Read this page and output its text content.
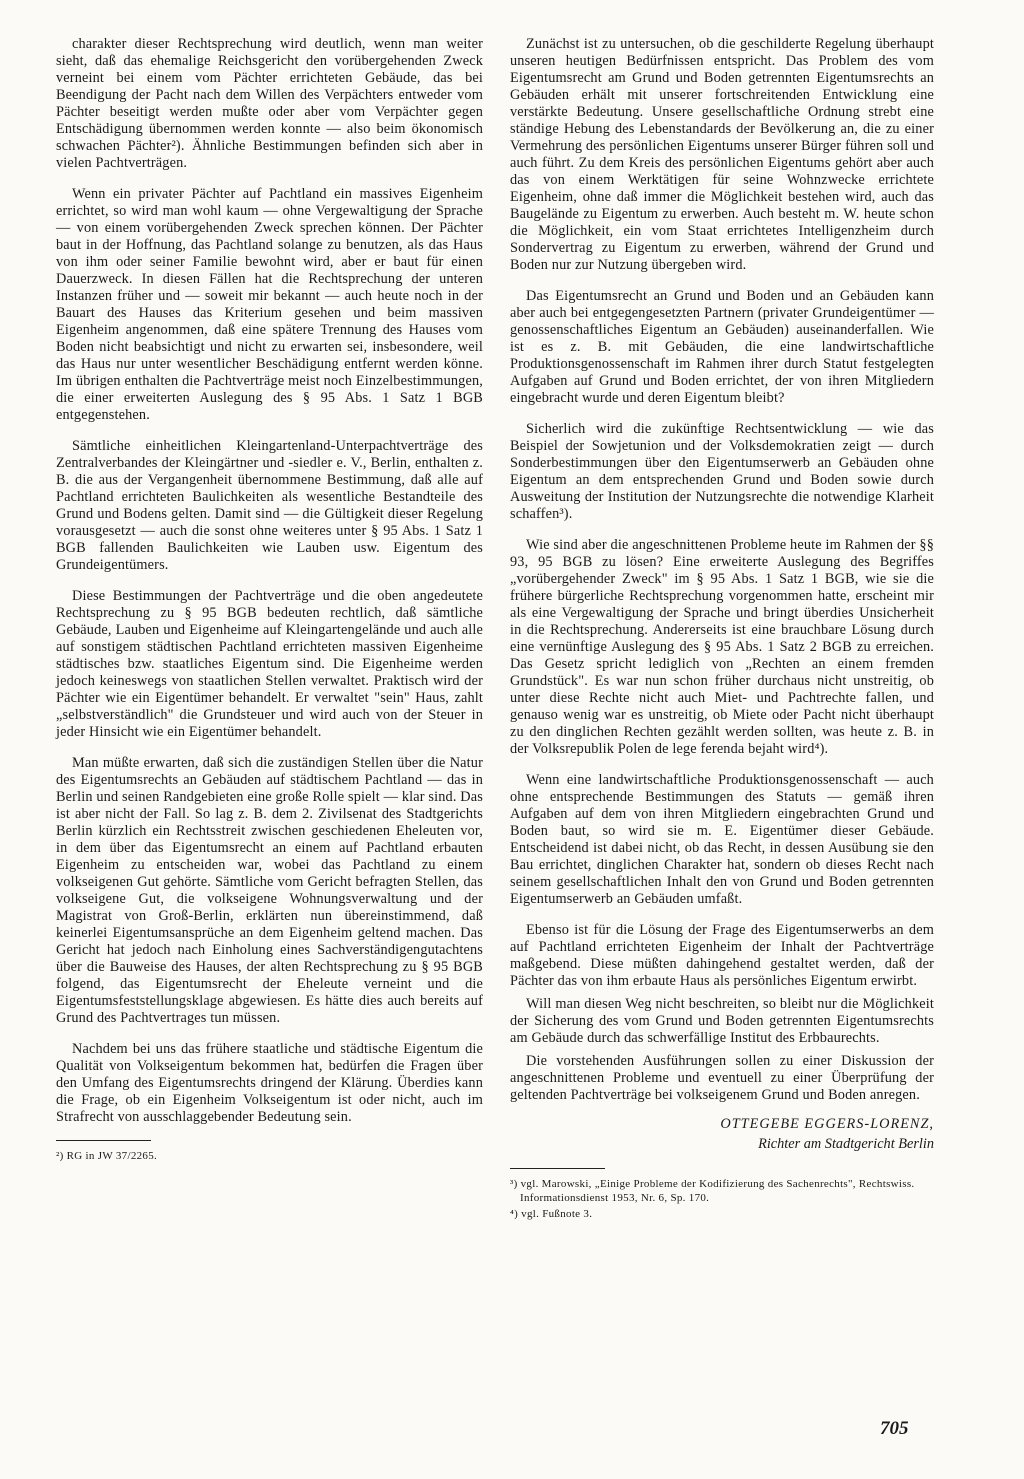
charakter dieser Rechtsprechung wird deutlich, wenn man weiter sieht, daß das ehemalige Reichsgericht den vorübergehenden Zweck verneint bei einem vom Pächter errichteten Gebäude, das bei Beendigung der Pacht nach dem Willen des Verpächters entweder vom Pächter beseitigt werden mußte oder aber vom Verpächter gegen Entschädigung übernommen werden konnte — also beim ökonomisch schwachen Pächter²). Ähnliche Bestimmungen befinden sich aber in vielen Pachtverträgen.

Wenn ein privater Pächter auf Pachtland ein massives Eigenheim errichtet, so wird man wohl kaum — ohne Vergewaltigung der Sprache — von einem vorübergehenden Zweck sprechen können. Der Pächter baut in der Hoffnung, das Pachtland solange zu benutzen, als das Haus von ihm oder seiner Familie bewohnt wird, aber er baut für einen Dauerzweck. In diesen Fällen hat die Rechtsprechung der unteren Instanzen früher und — soweit mir bekannt — auch heute noch in der Bauart des Hauses das Kriterium gesehen und beim massiven Eigenheim angenommen, daß eine spätere Trennung des Hauses vom Boden nicht beabsichtigt und nicht zu erwarten sei, insbesondere, weil das Haus nur unter wesentlicher Beschädigung entfernt werden könne. Im übrigen enthalten die Pachtverträge meist noch Einzelbestimmungen, die einer erweiterten Auslegung des § 95 Abs. 1 Satz 1 BGB entgegenstehen.

Sämtliche einheitlichen Kleingartenland-Unterpachtverträge des Zentralverbandes der Kleingärtner und -siedler e. V., Berlin, enthalten z. B. die aus der Vergangenheit übernommene Bestimmung, daß alle auf Pachtland errichteten Baulichkeiten als wesentliche Bestandteile des Grund und Bodens gelten. Damit sind — die Gültigkeit dieser Regelung vorausgesetzt — auch die sonst ohne weiteres unter § 95 Abs. 1 Satz 1 BGB fallenden Baulichkeiten wie Lauben usw. Eigentum des Grundeigentümers.

Diese Bestimmungen der Pachtverträge und die oben angedeutete Rechtsprechung zu § 95 BGB bedeuten rechtlich, daß sämtliche Gebäude, Lauben und Eigenheime auf Kleingartengelände und auch alle auf sonstigem städtischen Pachtland errichteten massiven Eigenheime städtisches bzw. staatliches Eigentum sind. Die Eigenheime werden jedoch keineswegs von staatlichen Stellen verwaltet. Praktisch wird der Pächter wie ein Eigentümer behandelt. Er verwaltet "sein" Haus, zahlt „selbstverständlich" die Grundsteuer und wird auch von der Steuer in jeder Hinsicht wie ein Eigentümer behandelt.

Man müßte erwarten, daß sich die zuständigen Stellen über die Natur des Eigentumsrechts an Gebäuden auf städtischem Pachtland — das in Berlin und seinen Randgebieten eine große Rolle spielt — klar sind. Das ist aber nicht der Fall. So lag z. B. dem 2. Zivilsenat des Stadtgerichts Berlin kürzlich ein Rechtsstreit zwischen geschiedenen Eheleuten vor, in dem über das Eigentumsrecht an einem auf Pachtland erbauten Eigenheim zu entscheiden war, wobei das Pachtland zu einem volkseigenen Gut gehörte. Sämtliche vom Gericht befragten Stellen, das volkseigene Gut, die volkseigene Wohnungsverwaltung und der Magistrat von Groß-Berlin, erklärten nun übereinstimmend, daß keinerlei Eigentumsansprüche an dem Eigenheim geltend machen. Das Gericht hat jedoch nach Einholung eines Sachverständigengutachtens über die Bauweise des Hauses, der alten Rechtsprechung zu § 95 BGB folgend, das Eigentumsrecht der Eheleute verneint und die Eigentumsfeststellungsklage abgewiesen. Es hätte dies auch bereits auf Grund des Pachtvertrages tun müssen.

Nachdem bei uns das frühere staatliche und städtische Eigentum die Qualität von Volkseigentum bekommen hat, bedürfen die Fragen über den Umfang des Eigentumsrechts dringend der Klärung. Überdies kann die Frage, ob ein Eigenheim Volkseigentum ist oder nicht, auch im Strafrecht von ausschlaggebender Bedeutung sein.

²) RG in JW 37/2265.

Zunächst ist zu untersuchen, ob die geschilderte Regelung überhaupt unseren heutigen Bedürfnissen entspricht. Das Problem des vom Eigentumsrecht am Grund und Boden getrennten Eigentumsrechts an Gebäuden erhält mit unserer fortschreitenden Entwicklung eine verstärkte Bedeutung. Unsere gesellschaftliche Ordnung strebt eine ständige Hebung des Lebenstandards der Bevölkerung an, die zu einer Vermehrung des persönlichen Eigentums unserer Bürger führen soll und auch führt. Zu dem Kreis des persönlichen Eigentums gehört aber auch das von einem Werktätigen für seine Wohnzwecke errichtete Eigenheim, ohne daß immer die Möglichkeit bestehen wird, auch das Baugelände zu Eigentum zu erwerben. Auch besteht m. W. heute schon die Möglichkeit, ein vom Staat errichtetes Intelligenzheim durch Sondervertrag zu Eigentum zu erwerben, während der Grund und Boden nur zur Nutzung übergeben wird.

Das Eigentumsrecht an Grund und Boden und an Gebäuden kann aber auch bei entgegengesetzten Partnern (privater Grundeigentümer — genossenschaftliches Eigentum an Gebäuden) auseinanderfallen. Wie ist es z. B. mit Gebäuden, die eine landwirtschaftliche Produktionsgenossenschaft im Rahmen ihrer durch Statut festgelegten Aufgaben auf Grund und Boden errichtet, der von ihren Mitgliedern eingebracht wurde und deren Eigentum bleibt?

Sicherlich wird die zukünftige Rechtsentwicklung — wie das Beispiel der Sowjetunion und der Volksdemokratien zeigt — durch Sonderbestimmungen über den Eigentumserwerb an Gebäuden ohne Eigentum an dem entsprechenden Grund und Boden sowie durch Ausweitung der Institution der Nutzungsrechte die notwendige Klarheit schaffen³).

Wie sind aber die angeschnittenen Probleme heute im Rahmen der §§ 93, 95 BGB zu lösen? Eine erweiterte Auslegung des Begriffes „vorübergehender Zweck" im § 95 Abs. 1 Satz 1 BGB, wie sie die frühere bürgerliche Rechtsprechung vorgenommen hatte, erscheint mir als eine Vergewaltigung der Sprache und bringt überdies Unsicherheit in die Rechtsprechung. Andererseits ist eine brauchbare Lösung durch eine vernünftige Auslegung des § 95 Abs. 1 Satz 2 BGB zu erreichen. Das Gesetz spricht lediglich von „Rechten an einem fremden Grundstück". Es war nun schon früher durchaus nicht unstreitig, ob unter diese Rechte nicht auch Miet- und Pachtrechte fallen, und genauso wenig war es unstreitig, ob Miete oder Pacht nicht überhaupt zu den dinglichen Rechten gezählt werden sollten, was heute z. B. in der Volksrepublik Polen de lege ferenda bejaht wird⁴).

Wenn eine landwirtschaftliche Produktionsgenossenschaft — auch ohne entsprechende Bestimmungen des Statuts — gemäß ihren Aufgaben auf dem von ihren Mitgliedern eingebrachten Grund und Boden baut, so wird sie m. E. Eigentümer dieser Gebäude. Entscheidend ist dabei nicht, ob das Recht, in dessen Ausübung sie den Bau errichtet, dinglichen Charakter hat, sondern ob dieses Recht nach seinem gesellschaftlichen Inhalt den von Grund und Boden getrennten Eigentumserwerb an Gebäuden umfaßt.

Ebenso ist für die Lösung der Frage des Eigentumserwerbs an dem auf Pachtland errichteten Eigenheim der Inhalt der Pachtverträge maßgebend. Diese müßten dahingehend gestaltet werden, daß der Pächter das von ihm erbaute Haus als persönliches Eigentum erwirbt.

Will man diesen Weg nicht beschreiten, so bleibt nur die Möglichkeit der Sicherung des vom Grund und Boden getrennten Eigentumsrechts am Gebäude durch das schwerfällige Institut des Erbbaurechts.

Die vorstehenden Ausführungen sollen zu einer Diskussion der angeschnittenen Probleme und eventuell zu einer Überprüfung der geltenden Pachtverträge bei volkseigenem Grund und Boden anregen.

OTTEGEBE EGGERS-LORENZ,
Richter am Stadtgericht Berlin

³) vgl. Marowski, „Einige Probleme der Kodifizierung des Sachenrechts", Rechtswiss. Informationsdienst 1953, Nr. 6, Sp. 170.

⁴) vgl. Fußnote 3.

705
